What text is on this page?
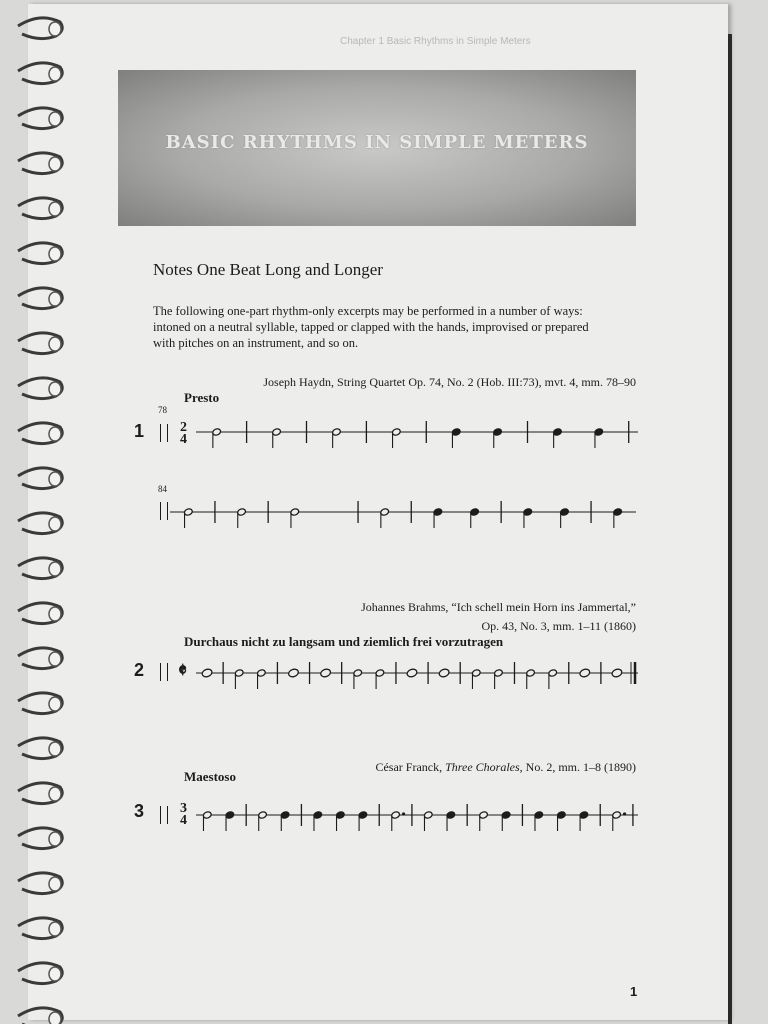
Chapter 1 Basic Rhythms in Simple Meters
BASIC RHYTHMS IN SIMPLE METERS
Notes One Beat Long and Longer
The following one-part rhythm-only excerpts may be performed in a number of ways: intoned on a neutral syllable, tapped or clapped with the hands, improvised or prepared with pitches on an instrument, and so on.
Joseph Haydn, String Quartet Op. 74, No. 2 (Hob. III:73), mvt. 4, mm. 78–90
Presto
1
78
2
4
84
Johannes Brahms, “Ich schell mein Horn ins Jammertal,”
Op. 43, No. 3, mm. 1–11 (1860)
Durchaus nicht zu langsam und ziemlich frei vorzutragen
2 𝄵
César Franck, Three Chorales, No. 2, mm. 1–8 (1890)
Maestoso
3	3
4
1
